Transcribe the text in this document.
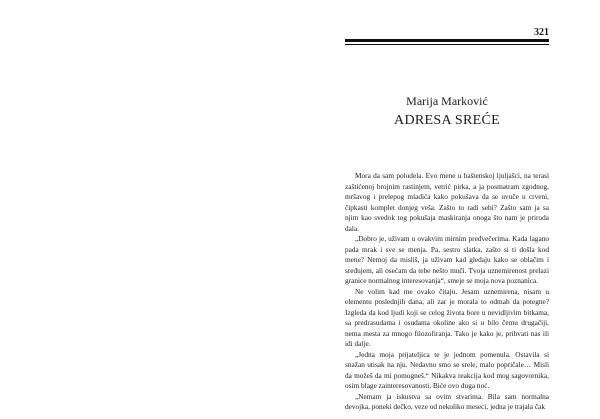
321
Marija Marković
ADRESA SREĆE

Mora da sam poludela. Evo mene u baštenskoj ljuljašci, na terasi zaštićenoj brojnim rastinjem, vetrić pirka, a ja posmatram zgodnog, mršavog i prelepog mladića kako pokušava da se uvuče u crveni, čipkasti komplet donjeg veša. Zašto to radi sebi? Zašto sam ja sa njim kao svedok tog pokušaja maskiranja onoga što nam je priroda dala.

„Dobro je, uživam u ovakvim mirnim predvečerima. Kada lagano pada mrak i sve se menja. Pa, sestro slatka, zašto si ti došla kod mene? Nemoj da misliš, ja uživam kad gledaju kako se oblačim i sređujem, ali osećam da tebe nešto muči. Tvoja uznemirenost prelazi granice normalnog interesovanja“, smeje se moja nova poznanica.

Ne volim kad me ovako čitaju. Jesam uznemirena, nisam u elementu poslednjih dana, ali zar je morala to odmah da potegne? Izgleda da kod ljudi koji se celog života bore u nevidljivim bitkama, sa predrasudama i osudama okoline ako si u bilo čemu drugačiji, nema mesta za mnogo filozofiranja. Tako je kako je, prihvati nas ili idi dalje.

„Jedna moja prijateljica te je jednom pomenula. Ostavila si snažan utisak na nju. Nedavno smo se srele, malo popričale… Misli da možeš da mi pomogneš.“ Nikakva reakcija kod mog sagovornika, osim blage zainteresovanosti. Biće ovo duga noć.

„Nemam ja iskustva sa ovim stvarima. Bila sam normalna devojka, poneki dečko, veze od nekoliko meseci, jedna je trajala čak
